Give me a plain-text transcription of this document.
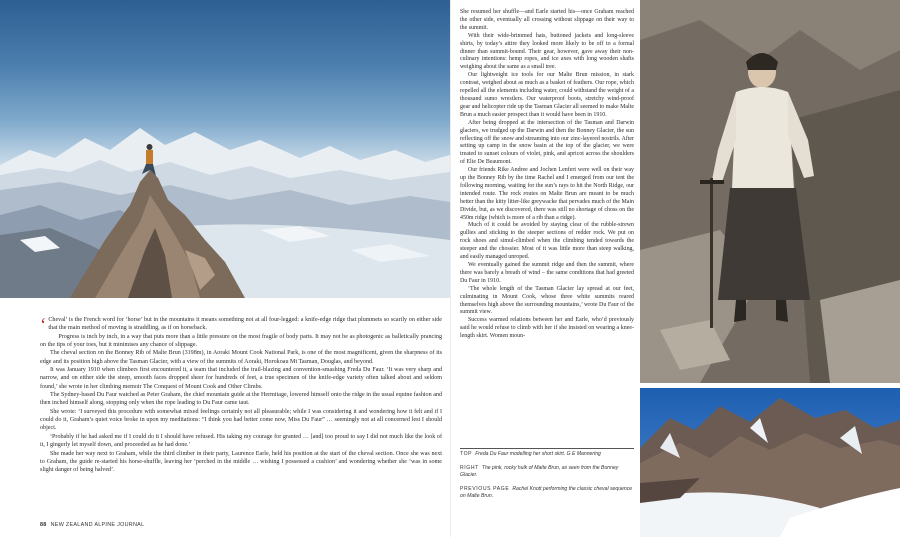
‘ Cheval’ is the French word for ‘horse’ but in the mountains it means something not at all four-legged: a knife-edge ridge that plummets so scarily on either side that the main method of moving is straddling, as if on horseback.

Progress is inch by inch, in a way that puts more than a little pressure on the most fragile of body parts. It may not be as photogenic as balletically prancing on the tips of your toes, but it minimises any chance of slippage.

The cheval section on the Bonney Rib of Malte Brun (3198m), in Aoraki Mount Cook National Park, is one of the most magnificent, given the sharpness of its edge and its position high above the Tasman Glacier, with a view of the summits of Aoraki, Horokoau Mt Tasman, Douglas, and beyond.

It was January 1910 when climbers first encountered it, a team that included the trail-blazing and convention-smashing Freda Du Faur. ‘It was very sharp and narrow, and on either side the steep, smooth faces dropped sheer for hundreds of feet, a true specimen of the knife-edge variety often talked about and seldom found,’ she wrote in her climbing memoir The Conquest of Mount Cook and Other Climbs.

The Sydney-based Du Faur watched as Peter Graham, the chief mountain guide at the Hermitage, lowered himself onto the ridge in the usual equine fashion and then inched himself along, stopping only when the rope leading to Du Faur came taut.

She wrote: ‘I surveyed this procedure with somewhat mixed feelings certainly not all pleasurable; while I was considering it and wondering how it felt and if I could do it, Graham’s quiet voice broke in upon my meditations: “I think you had better come now, Miss Du Faur” … seemingly not at all concerned lest I should object.

‘Probably if he had asked me if I could do it I should have refused. His taking my courage for granted … [and] too proud to say I did not much like the look of it, I gingerly let myself down, and proceeded as he had done.’

She made her way next to Graham, while the third climber in their party, Laurence Earle, held his position at the start of the cheval section. Once she was next to Graham, the guide re-started his horse-shuffle, leaving her ‘perched in the middle … wishing I possessed a cushion’ and wondering whether she ‘was in some slight danger of being halved’.

88 NEW ZEALAND ALPINE JOURNAL

She resumed her shuffle—and Earle started his—once Graham reached the other side, eventually all crossing without slippage on their way to the summit.

With their wide-brimmed hats, buttoned jackets and long-sleeve shirts, by today’s attire they looked more likely to be off to a formal dinner than summit-bound. Their gear, however, gave away their non-culinary intentions: hemp ropes, and ice axes with long wooden shafts weighing about the same as a small tree.

Our lightweight ice tools for our Malte Brun mission, in stark contrast, weighed about as much as a basket of feathers. Our rope, which repelled all the elements including water, could withstand the weight of a thousand sumo wrestlers. Our waterproof boots, stretchy wind-proof gear and helicopter ride up the Tasman Glacier all seemed to make Malte Brun a much easier prospect than it would have been in 1910.

After being dropped at the intersection of the Tasman and Darwin glaciers, we trudged up the Darwin and then the Bonney Glacier, the sun reflecting off the snow and streaming into our zinc-layered nostrils. After setting up camp in the snow basin at the top of the glacier, we were treated to sunset colours of violet, pink, and apricot across the shoulders of Elie De Beaumont.

Our friends Rike Andree and Jochen Lenfert were well on their way up the Bonney Rib by the time Rachel and I emerged from our tent the following morning, waiting for the sun’s rays to hit the North Ridge, our intended route. The rock routes on Malte Brun are meant to be much better than the kitty litter-like greywacke that pervades much of the Main Divide, but, as we discovered, there was still no shortage of choss on the 450m ridge (which is more of a rib than a ridge).

Much of it could be avoided by staying clear of the rubble-strewn gullies and sticking to the steeper sections of redder rock. We put on rock shoes and simul-climbed when the climbing tended towards the steeper and the chossier. Most of it was little more than steep walking, and easily managed unroped.

We eventually gained the summit ridge and then the summit, where there was barely a breath of wind – the same conditions that had greeted Du Faur in 1910.

‘The whole length of the Tasman Glacier lay spread at our feet, culminating in Mount Cook, whose three white summits reared themselves high above the surrounding mountains,’ wrote Du Faur of the summit view.

Success warmed relations between her and Earle, who’d previously said he would refuse to climb with her if she insisted on wearing a knee-length skirt. Women moun-

TOP Freda Du Faur modelling her short skirt. G E Mannering

RIGHT The pink, rocky hulk of Malte Brun, as seen from the Bonney Glacier.

PREVIOUS PAGE Rachel Knott performing the classic cheval sequence on Malte Brun.
